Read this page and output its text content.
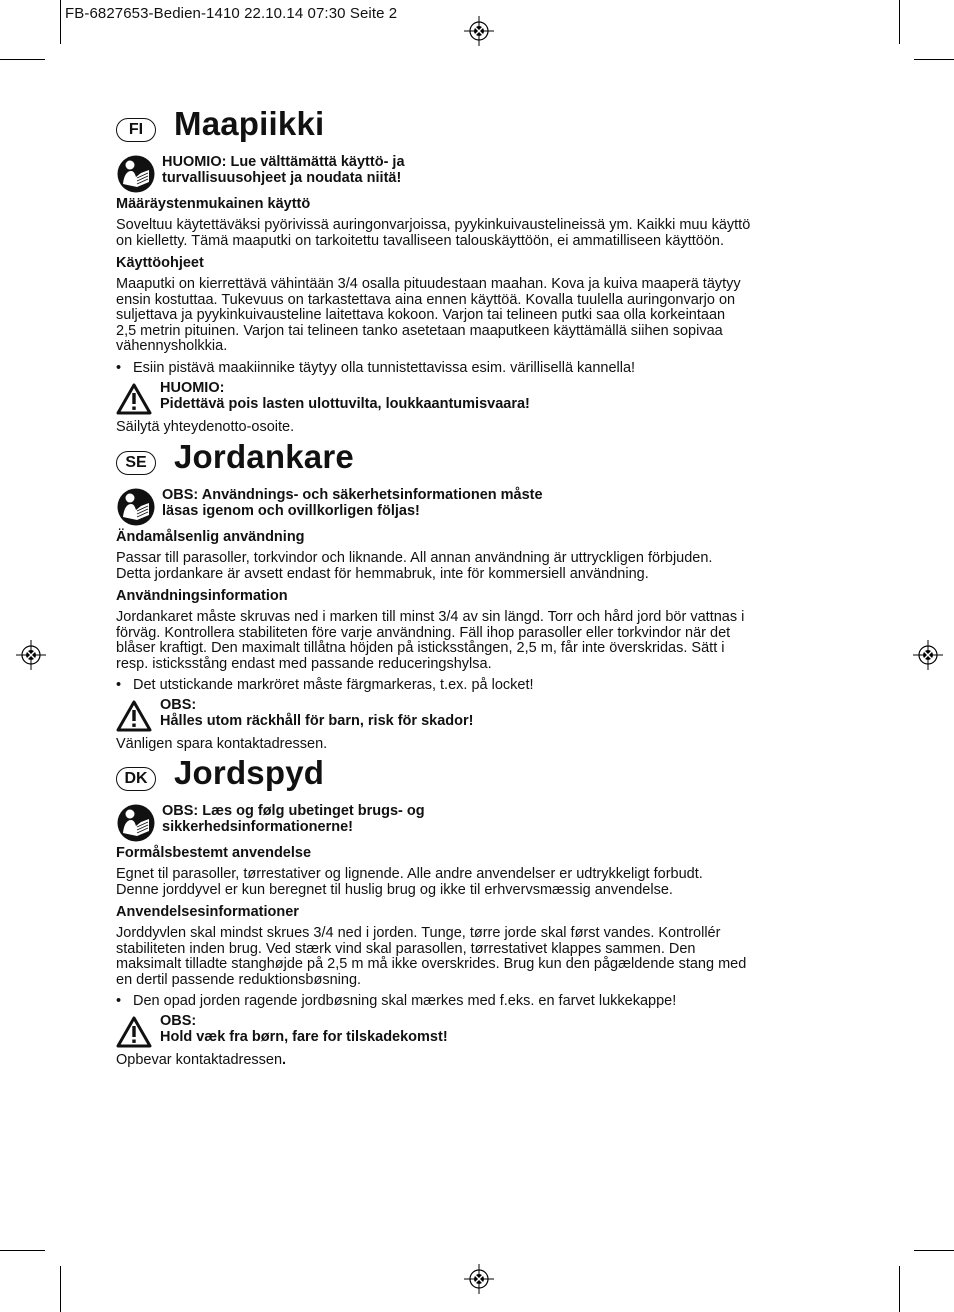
FB-6827653-Bedien-1410 22.10.14 07:30 Seite 2
FI Maapiikki
HUOMIO: Lue välttämättä käyttö- ja
turvallisuusohjeet ja noudata niitä!
Määräystenmukainen käyttö
Soveltuu käytettäväksi pyörivissä auringonvarjoissa, pyykinkuivaustelineissä ym. Kaikki muu käyttö
on kielletty. Tämä maaputki on tarkoitettu tavalliseen talouskäyttöön, ei ammatilliseen käyttöön.
Käyttöohjeet
Maaputki on kierrettävä vähintään 3/4 osalla pituudestaan maahan. Kova ja kuiva maaperä täytyy
ensin kostuttaa. Tukevuus on tarkastettava aina ennen käyttöä. Kovalla tuulella auringonvarjo on
suljettava ja pyykinkuivausteline laitettava kokoon. Varjon tai telineen putki saa olla korkeintaan
2,5 metrin pituinen. Varjon tai telineen tanko asetetaan maaputkeen käyttämällä siihen sopivaa
vähennysholkkia.
• Esiin pistävä maakiinnike täytyy olla tunnistettavissa esim. värillisellä kannella!
HUOMIO:
Pidettävä pois lasten ulottuvilta, loukkaantumisvaara!
Säilytä yhteydenotto-osoite.
SE Jordankare
OBS: Användnings- och säkerhetsinformationen måste
läsas igenom och ovillkorligen följas!
Ändamålsenlig användning
Passar till parasoller, torkvindor och liknande. All annan användning är uttryckligen förbjuden.
Detta jordankare är avsett endast för hemmabruk, inte för kommersiell användning.
Användningsinformation
Jordankaret måste skruvas ned i marken till minst 3/4 av sin längd. Torr och hård jord bör vattnas i
förväg. Kontrollera stabiliteten före varje användning. Fäll ihop parasoller eller torkvindor när det
blåser kraftigt. Den maximalt tillåtna höjden på isticksstången, 2,5 m, får inte överskridas. Sätt i
resp. isticksstång endast med passande reduceringshylsa.
• Det utstickande markröret måste färgmarkeras, t.ex. på locket!
OBS:
Hålles utom räckhåll för barn, risk för skador!
Vänligen spara kontaktadressen.
DK Jordspyd
OBS: Læs og følg ubetinget brugs- og
sikkerhedsinformationerne!
Formålsbestemt anvendelse
Egnet til parasoller, tørrestativer og lignende. Alle andre anvendelser er udtrykkeligt forbudt.
Denne jorddyvel er kun beregnet til huslig brug og ikke til erhvervsmæssig anvendelse.
Anvendelsesinformationer
Jorddyvlen skal mindst skrues 3/4 ned i jorden. Tunge, tørre jorde skal først vandes. Kontrollér
stabiliteten inden brug. Ved stærk vind skal parasollen, tørrestativet klappes sammen. Den
maksimalt tilladte stanghøjde på 2,5 m må ikke overskrides. Brug kun den pågældende stang med
en dertil passende reduktionsbøsning.
• Den opad jorden ragende jordbøsning skal mærkes med f.eks. en farvet lukkekappe!
OBS:
Hold væk fra børn, fare for tilskadekomst!
Opbevar kontaktadressen.
